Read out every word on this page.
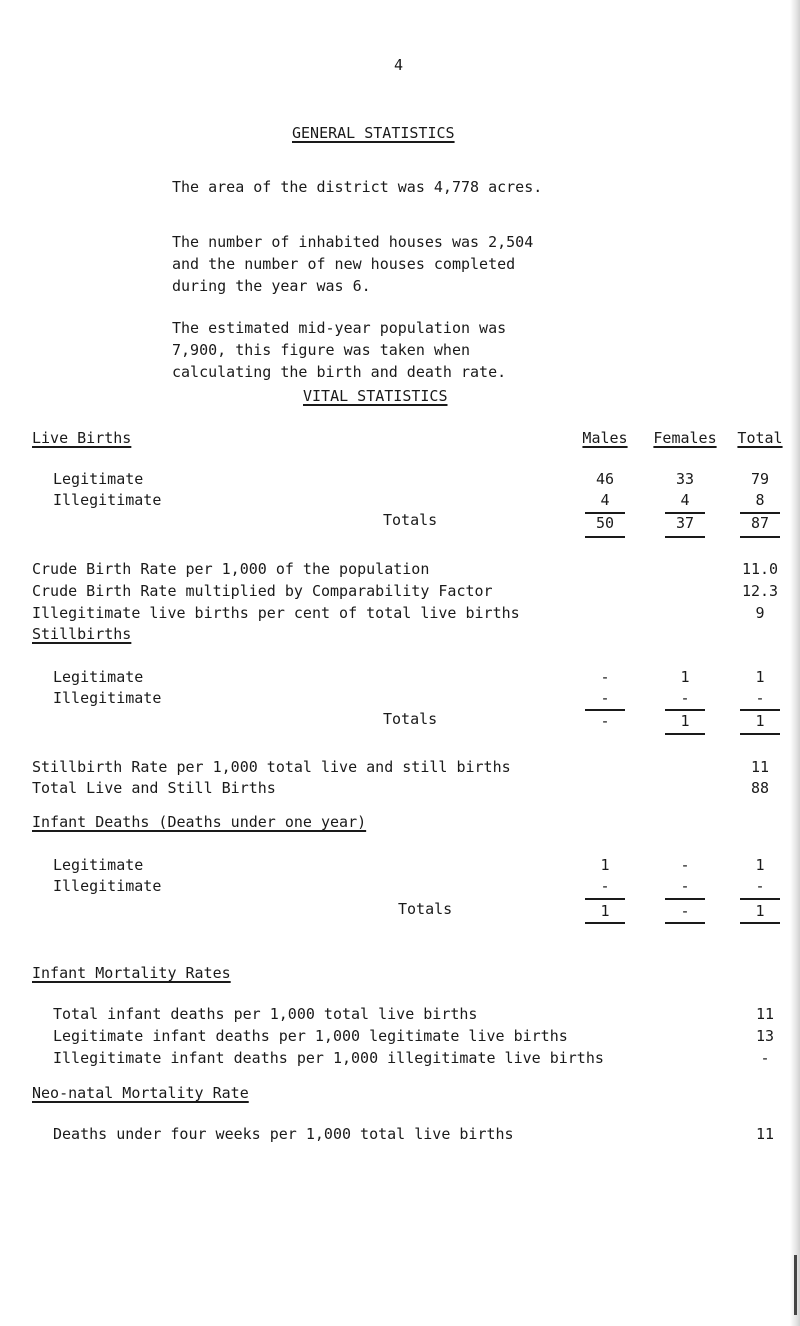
4
GENERAL STATISTICS
The area of the district was 4,778 acres.
The number of inhabited houses was 2,504
and the number of new houses completed
during the year was 6.
The estimated mid-year population was
7,900, this figure was taken when
calculating the birth and death rate.
VITAL STATISTICS
Live Births	Males	Females	Total
Legitimate	46	33	79
Illegitimate	4	4	8
Totals	50	37	87
Crude Birth Rate per 1,000 of the population	11.0
Crude Birth Rate multiplied by Comparability Factor	12.3
Illegitimate live births per cent of total live births	9
Stillbirths
Legitimate	-	1	1
Illegitimate	-	-	-
Totals	-	1	1
Stillbirth Rate per 1,000 total live and still births	11
Total Live and Still Births	88
Infant Deaths (Deaths under one year)
Legitimate	1	-	1
Illegitimate	-	-	-
Totals	1	-	1
Infant Mortality Rates
Total infant deaths per 1,000 total live births	11
Legitimate infant deaths per 1,000 legitimate live births	13
Illegitimate infant deaths per 1,000 illegitimate live births	-
Neo-natal Mortality Rate
Deaths under four weeks per 1,000 total live births	11
